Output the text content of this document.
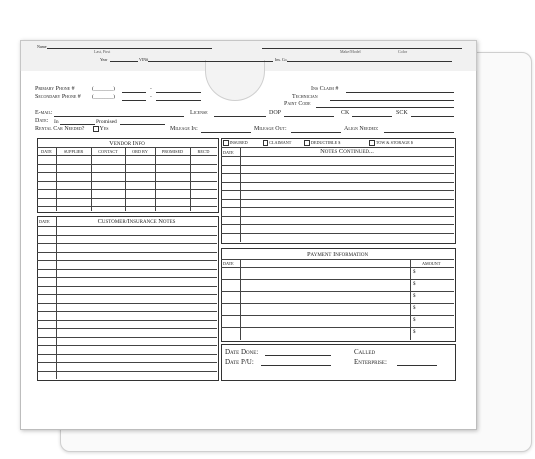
Name
Last, First	Make/Model	Color
Year	VIN#	Ins. Co.
Primary Phone #	(_______)	-
Secondary Phone # (_______)	-
Ins Claim #
Technician
Paint Code
E-mail:	License	DOP	CK	SCK
Date: In	Promised
Rental Car Needed?	Yes	Mileage In:	Mileage Out:	Align Needed:
Vendor Info
DATE	SUPPLIER	CONTACT	ORD BY	PROMISED	REC'D
INSURED	CLAIMANT	DEDUCTIBLE $	TOW & STORAGE $
DATE	Notes Continued...
DATE	Customer/Insurance Notes
Payment Information
DATE	AMOUNT
$
$
$
$
$
$
Date Done:
Date P/U:
Called
Enterprise:
